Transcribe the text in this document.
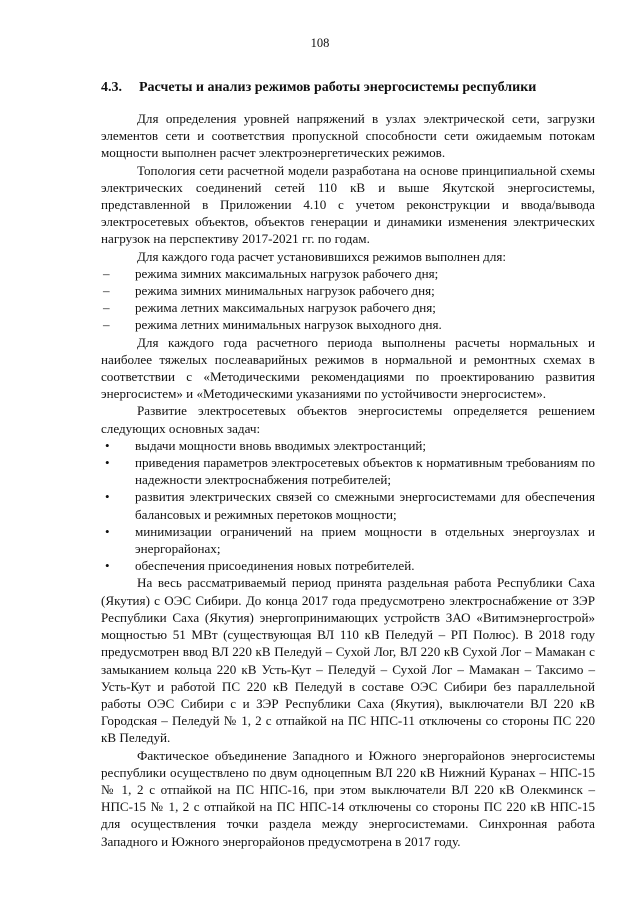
108
4.3. Расчеты и анализ режимов работы энергосистемы республики

Для определения уровней напряжений в узлах электрической сети, загрузки элементов сети и соответствия пропускной способности сети ожидаемым потокам мощности выполнен расчет электроэнергетических режимов.

Топология сети расчетной модели разработана на основе принципиальной схемы электрических соединений сетей 110 кВ и выше Якутской энергосистемы, представленной в Приложении 4.10 с учетом реконструкции и ввода/вывода электросетевых объектов, объектов генерации и динамики изменения электрических нагрузок на перспективу 2017-2021 гг. по годам.

Для каждого года расчет установившихся режимов выполнен для:

– режима зимних максимальных нагрузок рабочего дня;
– режима зимних минимальных нагрузок рабочего дня;
– режима летних максимальных нагрузок рабочего дня;
– режима летних минимальных нагрузок выходного дня.

Для каждого года расчетного периода выполнены расчеты нормальных и наиболее тяжелых послеаварийных режимов в нормальной и ремонтных схемах в соответствии с «Методическими рекомендациями по проектированию развития энергосистем» и «Методическими указаниями по устойчивости энергосистем».

Развитие электросетевых объектов энергосистемы определяется решением следующих основных задач:

• выдачи мощности вновь вводимых электростанций;
• приведения параметров электросетевых объектов к нормативным требованиям по надежности электроснабжения потребителей;
• развития электрических связей со смежными энергосистемами для обеспечения балансовых и режимных перетоков мощности;
• минимизации ограничений на прием мощности в отдельных энергоузлах и энергорайонах;
• обеспечения присоединения новых потребителей.

На весь рассматриваемый период принята раздельная работа Республики Саха (Якутия) с ОЭС Сибири. До конца 2017 года предусмотрено электроснабжение от ЗЭР Республики Саха (Якутия) энергопринимающих устройств ЗАО «Витимэнергострой» мощностью 51 МВт (существующая ВЛ 110 кВ Пеледуй – РП Полюс). В 2018 году предусмотрен ввод ВЛ 220 кВ Пеледуй – Сухой Лог, ВЛ 220 кВ Сухой Лог – Мамакан с замыканием кольца 220 кВ Усть-Кут – Пеледуй – Сухой Лог – Мамакан – Таксимо – Усть-Кут и работой ПС 220 кВ Пеледуй в составе ОЭС Сибири без параллельной работы ОЭС Сибири с и ЗЭР Республики Саха (Якутия), выключатели ВЛ 220 кВ Городская – Пеледуй № 1, 2 с отпайкой на ПС НПС-11 отключены со стороны ПС 220 кВ Пеледуй.

Фактическое объединение Западного и Южного энергорайонов энергосистемы республики осуществлено по двум одноцепным ВЛ 220 кВ Нижний Куранах – НПС-15 № 1, 2 с отпайкой на ПС НПС-16, при этом выключатели ВЛ 220 кВ Олекминск – НПС-15 № 1, 2 с отпайкой на ПС НПС-14 отключены со стороны ПС 220 кВ НПС-15 для осуществления точки раздела между энергосистемами. Синхронная работа Западного и Южного энергорайонов предусмотрена в 2017 году.
